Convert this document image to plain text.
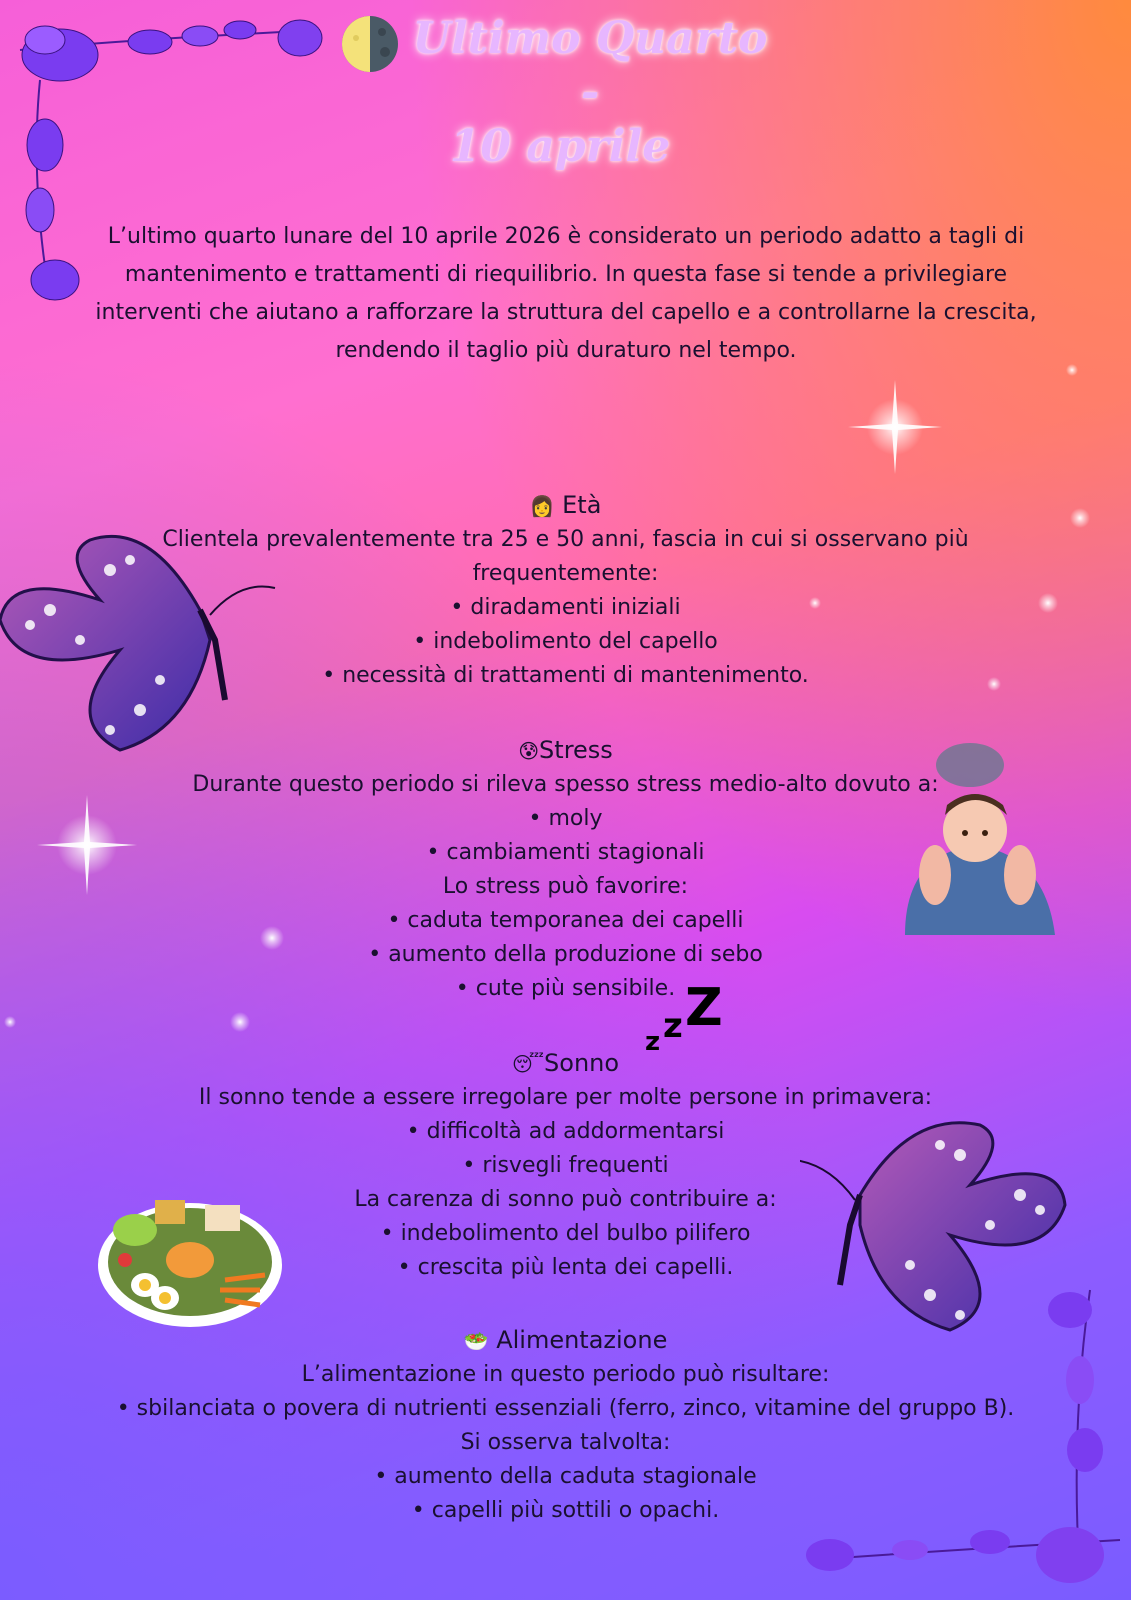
Ultimo Quarto -
10 aprile
L’ultimo quarto lunare del 10 aprile 2026 è considerato un periodo adatto a tagli di mantenimento e trattamenti di riequilibrio. In questa fase si tende a privilegiare interventi che aiutano a rafforzare la struttura del capello e a controllarne la crescita, rendendo il taglio più duraturo nel tempo.
z z Z

👩 Età

Clientela prevalentemente tra 25 e 50 anni, fascia in cui si osservano più

frequentemente:

• diradamenti iniziali

• indebolimento del capello

• necessità di trattamenti di mantenimento.

😰Stress

Durante questo periodo si rileva spesso stress medio-alto dovuto a:

• moly

• cambiamenti stagionali

Lo stress può favorire:

• caduta temporanea dei capelli

• aumento della produzione di sebo

• cute più sensibile.

😴Sonno

Il sonno tende a essere irregolare per molte persone in primavera:

• difficoltà ad addormentarsi

• risvegli frequenti

La carenza di sonno può contribuire a:

• indebolimento del bulbo pilifero

• crescita più lenta dei capelli.

🥗 Alimentazione

L’alimentazione in questo periodo può risultare:

• sbilanciata o povera di nutrienti essenziali (ferro, zinco, vitamine del gruppo B).

Si osserva talvolta:

• aumento della caduta stagionale

• capelli più sottili o opachi.
